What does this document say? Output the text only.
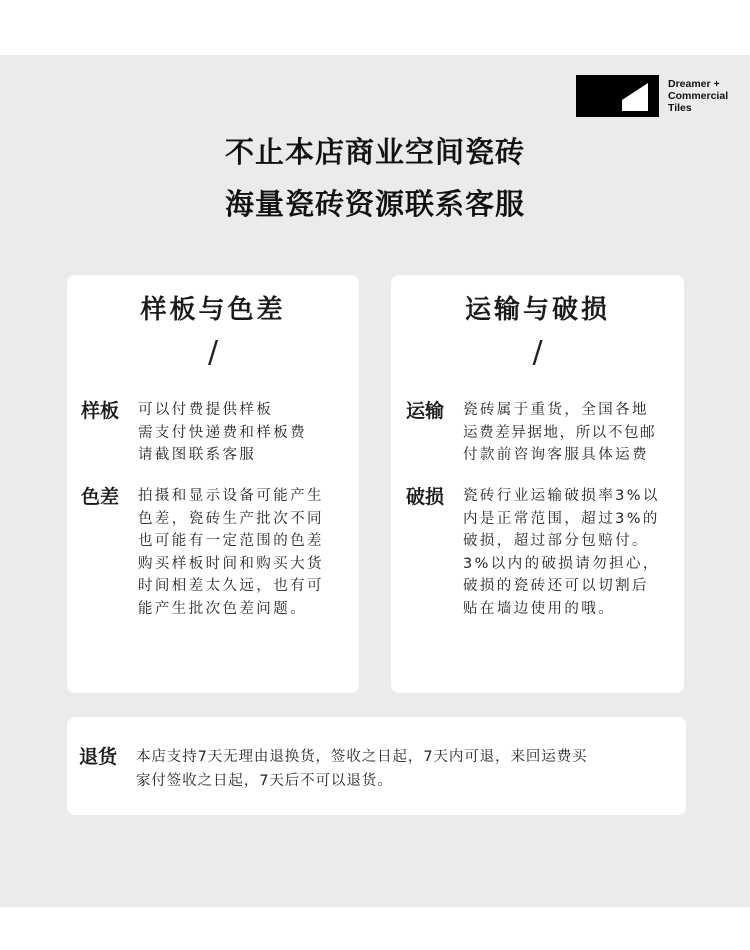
Dreamer +
Commercial
Tiles
不止本店商业空间瓷砖
海量瓷砖资源联系客服
样板与色差
/
样板	可以付费提供样板
需支付快递费和样板费
请截图联系客服
色差	拍摄和显示设备可能产生
色差，瓷砖生产批次不同
也可能有一定范围的色差
购买样板时间和购买大货
时间相差太久远，也有可
能产生批次色差问题。
运输与破损
/
运输	瓷砖属于重货，全国各地
运费差异据地，所以不包邮
付款前咨询客服具体运费
破损	瓷砖行业运输破损率3%以
内是正常范围，超过3%的
破损，超过部分包赔付。
3%以内的破损请勿担心，
破损的瓷砖还可以切割后
贴在墙边使用的哦。
退货	本店支持7天无理由退换货，签收之日起，7天内可退，来回运费买
家付签收之日起，7天后不可以退货。
